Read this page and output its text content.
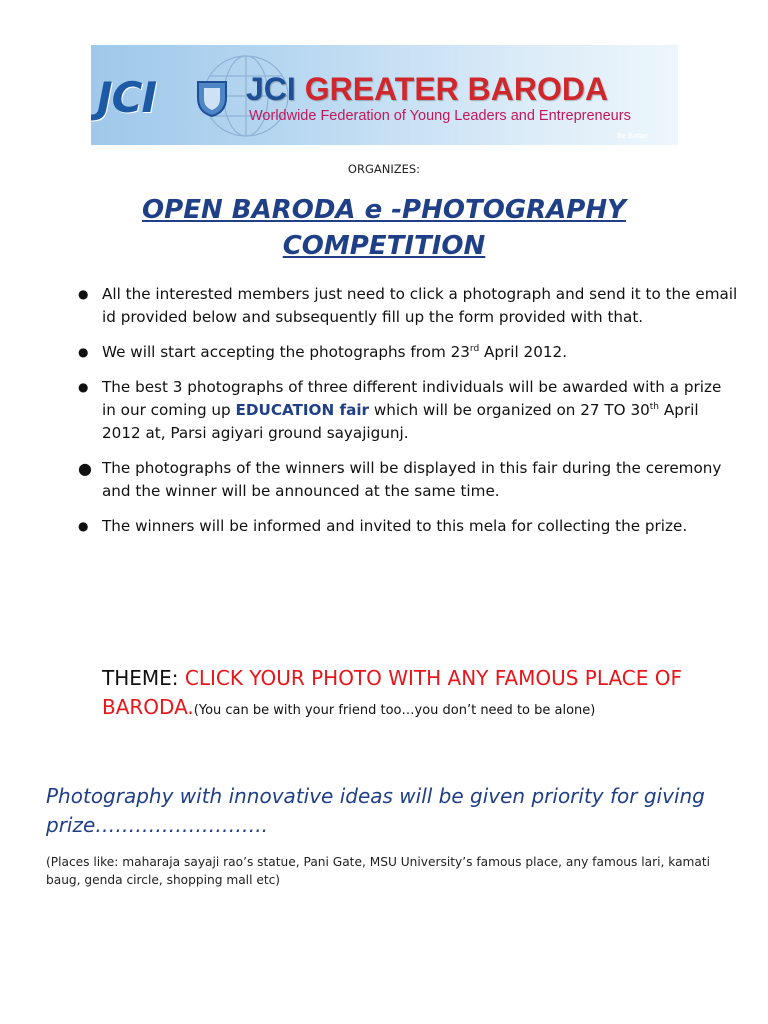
JCI	JCI GREATER BARODA
Worldwide Federation of Young Leaders and Entrepreneurs
Be Better
ORGANIZES:
OPEN BARODA e -PHOTOGRAPHY COMPETITION
● All the interested members just need to click a photograph and send it to the email id provided below and subsequently fill up the form provided with that.
● We will start accepting the photographs from 23rd April 2012.
● The best 3 photographs of three different individuals will be awarded with a prize in our coming up EDUCATION fair which will be organized on 27 TO 30th April 2012 at, Parsi agiyari ground sayajigunj.
● The photographs of the winners will be displayed in this fair during the ceremony and the winner will be announced at the same time.
● The winners will be informed and invited to this mela for collecting the prize.
THEME: CLICK YOUR PHOTO WITH ANY FAMOUS PLACE OF BARODA.(You can be with your friend too…you don’t need to be alone)
Photography with innovative ideas will be given priority for giving prize……………………..
(Places like: maharaja sayaji rao’s statue, Pani Gate, MSU University’s famous place, any famous lari, kamati baug, genda circle, shopping mall etc)
